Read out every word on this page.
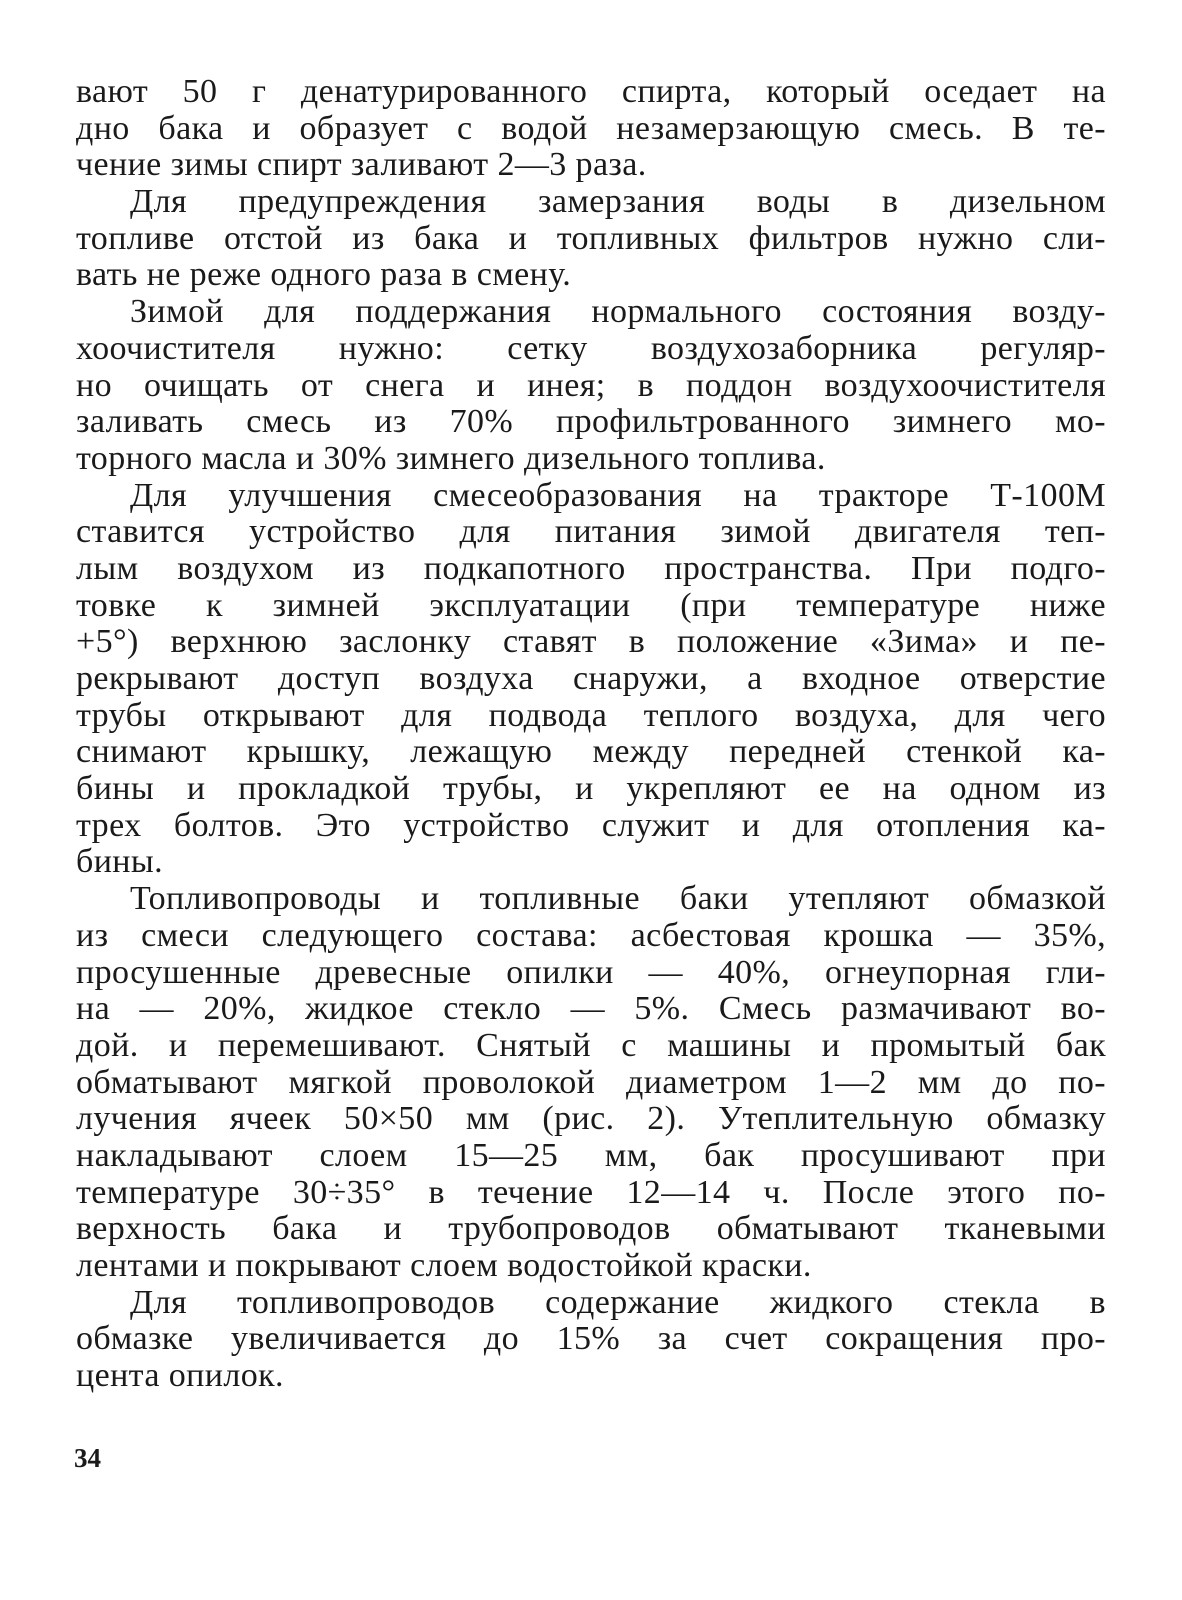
вают 50 г денатурированного спирта, который оседает на
дно бака и образует с водой незамерзающую смесь. В те-
чение зимы спирт заливают 2—3 раза.
Для предупреждения замерзания воды в дизельном
топливе отстой из бака и топливных фильтров нужно сли-
вать не реже одного раза в смену.
Зимой для поддержания нормального состояния возду-
хоочистителя нужно: сетку воздухозаборника регуляр-
но очищать от снега и инея; в поддон воздухоочистителя
заливать смесь из 70% профильтрованного зимнего мо-
торного масла и 30% зимнего дизельного топлива.
Для улучшения смесеобразования на тракторе Т-100М
ставится устройство для питания зимой двигателя теп-
лым воздухом из подкапотного пространства. При подго-
товке к зимней эксплуатации (при температуре ниже
+5°) верхнюю заслонку ставят в положение «Зима» и пе-
рекрывают доступ воздуха снаружи, а входное отверстие
трубы открывают для подвода теплого воздуха, для чего
снимают крышку, лежащую между передней стенкой ка-
бины и прокладкой трубы, и укрепляют ее на одном из
трех болтов. Это устройство служит и для отопления ка-
бины.
Топливопроводы и топливные баки утепляют обмазкой
из смеси следующего состава: асбестовая крошка — 35%,
просушенные древесные опилки — 40%, огнеупорная гли-
на — 20%, жидкое стекло — 5%. Смесь размачивают во-
дой. и перемешивают. Снятый с машины и промытый бак
обматывают мягкой проволокой диаметром 1—2 мм до по-
лучения ячеек 50×50 мм (рис. 2). Утеплительную обмазку
накладывают слоем 15—25 мм, бак просушивают при
температуре 30÷35° в течение 12—14 ч. После этого по-
верхность бака и трубопроводов обматывают тканевыми
лентами и покрывают слоем водостойкой краски.
Для топливопроводов содержание жидкого стекла в
обмазке увеличивается до 15% за счет сокращения про-
цента опилок.
34
